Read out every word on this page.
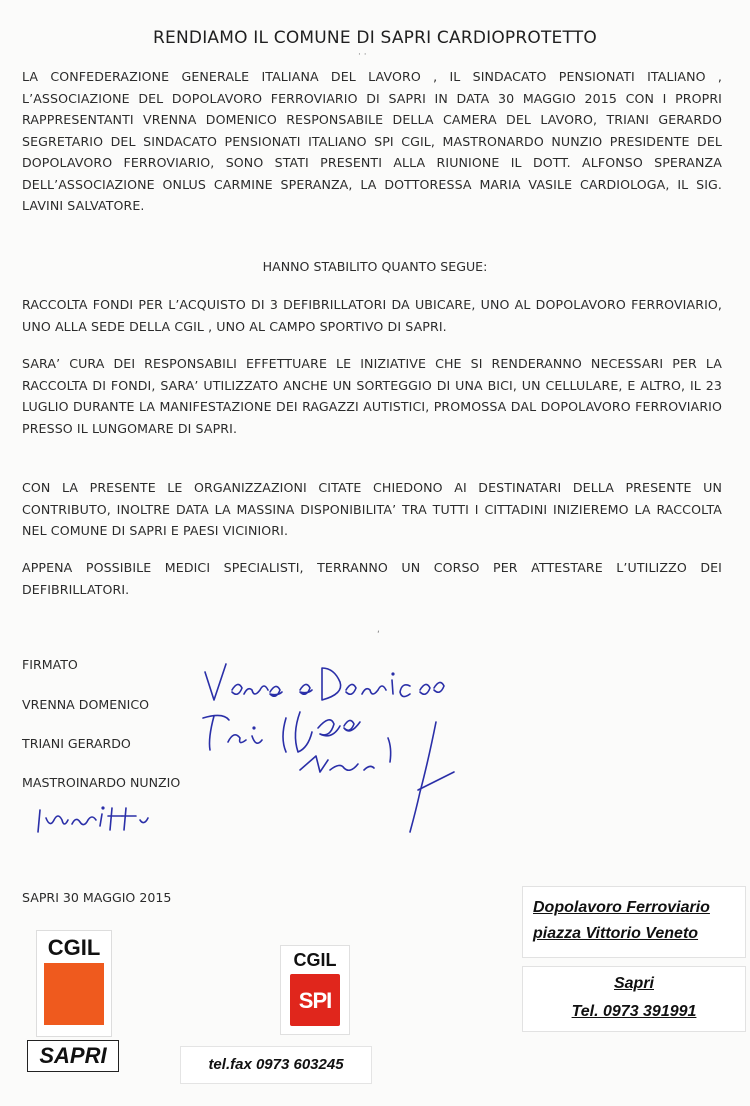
RENDIAMO IL COMUNE DI SAPRI CARDIOPROTETTO
LA CONFEDERAZIONE GENERALE ITALIANA DEL LAVORO , IL SINDACATO PENSIONATI ITALIANO , L’ASSOCIAZIONE DEL DOPOLAVORO FERROVIARIO DI SAPRI IN DATA 30 MAGGIO 2015 CON I PROPRI RAPPRESENTANTI VRENNA DOMENICO RESPONSABILE DELLA CAMERA DEL LAVORO, TRIANI GERARDO SEGRETARIO DEL SINDACATO PENSIONATI ITALIANO SPI CGIL, MASTRONARDO NUNZIO PRESIDENTE DEL DOPOLAVORO FERROVIARIO, SONO STATI PRESENTI ALLA RIUNIONE IL DOTT. ALFONSO SPERANZA DELL’ASSOCIAZIONE ONLUS CARMINE SPERANZA, LA DOTTORESSA MARIA VASILE CARDIOLOGA, IL SIG. LAVINI SALVATORE.
HANNO STABILITO QUANTO SEGUE:
RACCOLTA FONDI PER L’ACQUISTO DI 3 DEFIBRILLATORI DA UBICARE, UNO AL DOPOLAVORO FERROVIARIO, UNO ALLA SEDE DELLA CGIL , UNO AL CAMPO SPORTIVO DI SAPRI.
SARA’ CURA DEI RESPONSABILI EFFETTUARE LE INIZIATIVE CHE SI RENDERANNO NECESSARI PER LA RACCOLTA DI FONDI, SARA’ UTILIZZATO ANCHE UN SORTEGGIO DI UNA BICI, UN CELLULARE, E ALTRO, IL 23 LUGLIO DURANTE LA MANIFESTAZIONE DEI RAGAZZI AUTISTICI, PROMOSSA DAL DOPOLAVORO FERROVIARIO PRESSO IL LUNGOMARE DI SAPRI.
CON LA PRESENTE LE ORGANIZZAZIONI CITATE CHIEDONO AI DESTINATARI DELLA PRESENTE UN CONTRIBUTO, INOLTRE DATA LA MASSINA DISPONIBILITA’ TRA TUTTI I CITTADINI INIZIEREMO LA RACCOLTA NEL COMUNE DI SAPRI E PAESI VICINIORI.
APPENA POSSIBILE MEDICI SPECIALISTI, TERRANNO UN CORSO PER ATTESTARE L’UTILIZZO DEI DEFIBRILLATORI.
· ·
‘
FIRMATO
VRENNA DOMENICO
TRIANI GERARDO
MASTROINARDO NUNZIO
SAPRI 30 MAGGIO 2015
CGIL
SAPRI
CGIL
SPI
tel.fax 0973 603245
Dopolavoro Ferroviario
piazza Vittorio Veneto
Sapri
Tel. 0973 391991
